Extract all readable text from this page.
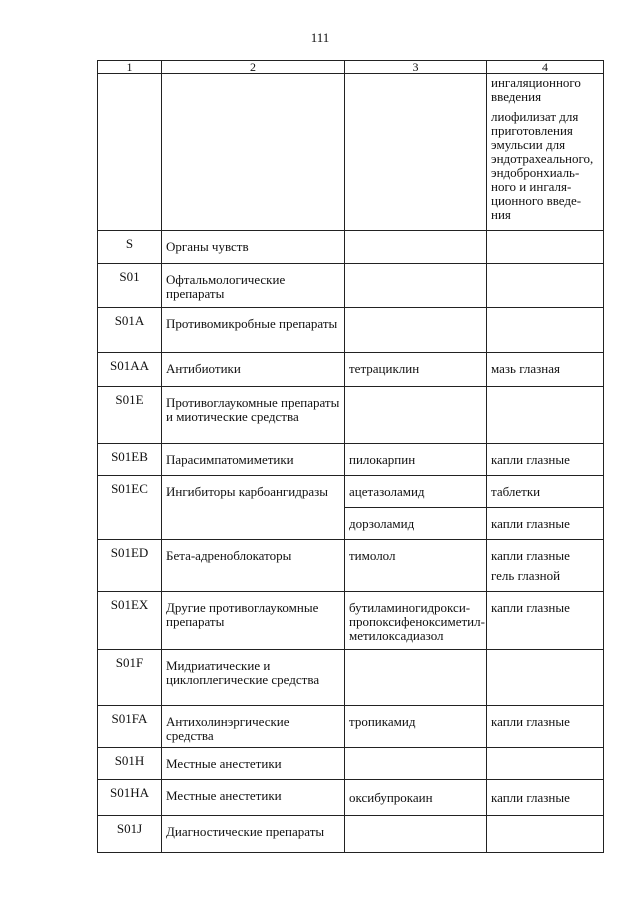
111
1	2	3	4

			ингаляционного введения
лиофилизат для приготовления эмульсии для эндотрахеального, эндобронхиаль-ного и ингаля-ционного введе-ния

S	Органы чувств		
S01	Офтальмологические препараты		
S01A	Противомикробные препараты		
S01AA	Антибиотики	тетрациклин	мазь глазная
S01E	Противоглаукомные препараты и миотические средства		
S01EB	Парасимпатомиметики	пилокарпин	капли глазные
S01EC	Ингибиторы карбоангидразы	ацетазоламид	таблетки
		дорзоламид	капли глазные
S01ED	Бета-адреноблокаторы	тимолол	капли глазные
гель глазной

S01EX	Другие противоглаукомные препараты	бутиламиногидрокси-пропоксифеноксиметил-метилоксадиазол	капли глазные
S01F	Мидриатические и циклоплегические средства		
S01FA	Антихолинэргические средства	тропикамид	капли глазные
S01H	Местные анестетики		
S01HA	Местные анестетики	оксибупрокаин	капли глазные
S01J	Диагностические препараты		
